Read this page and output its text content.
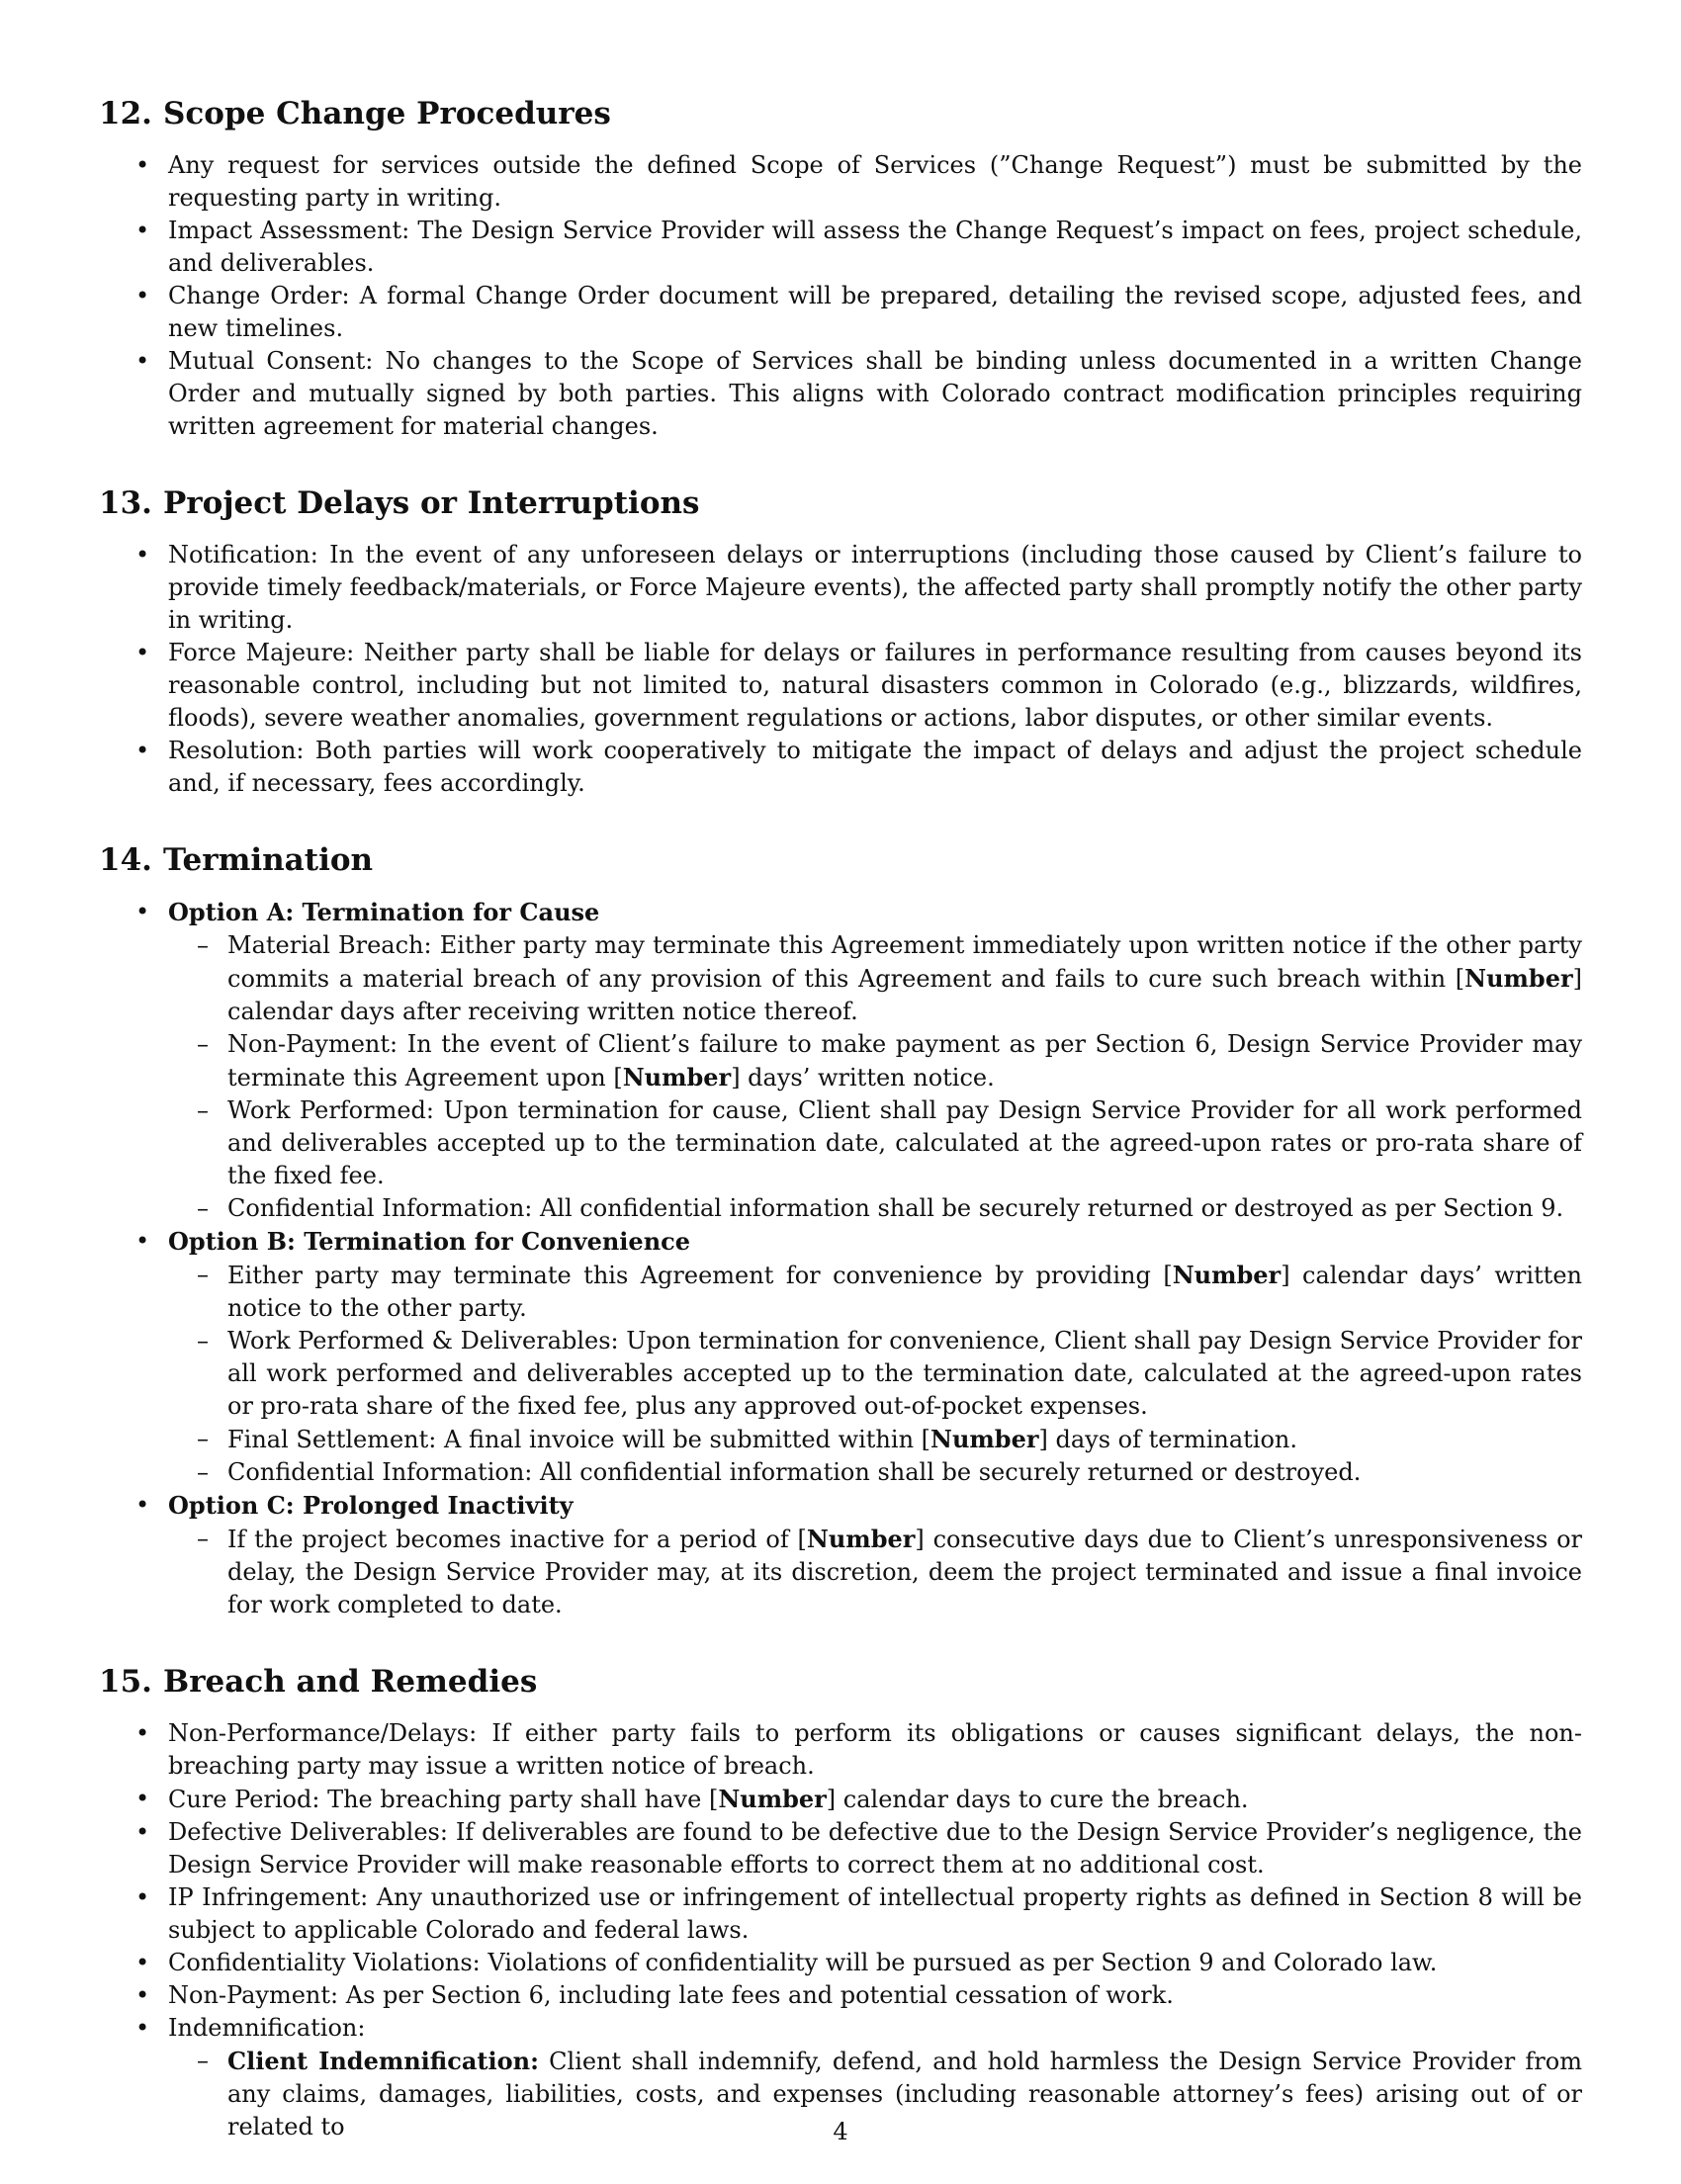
12. Scope Change Procedures
• Any request for services outside the defined Scope of Services (”Change Request”) must be submitted by the requesting party in writing.
• Impact Assessment: The Design Service Provider will assess the Change Request’s impact on fees, project schedule, and deliverables.
• Change Order: A formal Change Order document will be prepared, detailing the revised scope, adjusted fees, and new timelines.
• Mutual Consent: No changes to the Scope of Services shall be binding unless documented in a written Change Order and mutually signed by both parties. This aligns with Colorado contract modification principles requiring written agreement for material changes.
13. Project Delays or Interruptions
• Notification: In the event of any unforeseen delays or interruptions (including those caused by Client’s failure to provide timely feedback/materials, or Force Majeure events), the affected party shall promptly notify the other party in writing.
• Force Majeure: Neither party shall be liable for delays or failures in performance resulting from causes beyond its reasonable control, including but not limited to, natural disasters common in Colorado (e.g., blizzards, wildfires, floods), severe weather anomalies, government regulations or actions, labor disputes, or other similar events.
• Resolution: Both parties will work cooperatively to mitigate the impact of delays and adjust the project schedule and, if necessary, fees accordingly.
14. Termination
• Option A: Termination for Cause
– Material Breach: Either party may terminate this Agreement immediately upon written notice if the other party commits a material breach of any provision of this Agreement and fails to cure such breach within [Number] calendar days after receiving written notice thereof.
– Non-Payment: In the event of Client’s failure to make payment as per Section 6, Design Service Provider may terminate this Agreement upon [Number] days’ written notice.
– Work Performed: Upon termination for cause, Client shall pay Design Service Provider for all work performed and deliverables accepted up to the termination date, calculated at the agreed-upon rates or pro-rata share of the fixed fee.
– Confidential Information: All confidential information shall be securely returned or destroyed as per Section 9.
• Option B: Termination for Convenience
– Either party may terminate this Agreement for convenience by providing [Number] calendar days’ written notice to the other party.
– Work Performed & Deliverables: Upon termination for convenience, Client shall pay Design Service Provider for all work performed and deliverables accepted up to the termination date, calculated at the agreed-upon rates or pro-rata share of the fixed fee, plus any approved out-of-pocket expenses.
– Final Settlement: A final invoice will be submitted within [Number] days of termination.
– Confidential Information: All confidential information shall be securely returned or destroyed.
• Option C: Prolonged Inactivity
– If the project becomes inactive for a period of [Number] consecutive days due to Client’s unresponsiveness or delay, the Design Service Provider may, at its discretion, deem the project terminated and issue a final invoice for work completed to date.
15. Breach and Remedies
• Non-Performance/Delays: If either party fails to perform its obligations or causes significant delays, the non-breaching party may issue a written notice of breach.
• Cure Period: The breaching party shall have [Number] calendar days to cure the breach.
• Defective Deliverables: If deliverables are found to be defective due to the Design Service Provider’s negligence, the Design Service Provider will make reasonable efforts to correct them at no additional cost.
• IP Infringement: Any unauthorized use or infringement of intellectual property rights as defined in Section 8 will be subject to applicable Colorado and federal laws.
• Confidentiality Violations: Violations of confidentiality will be pursued as per Section 9 and Colorado law.
• Non-Payment: As per Section 6, including late fees and potential cessation of work.
• Indemnification:
– Client Indemnification: Client shall indemnify, defend, and hold harmless the Design Service Provider from any claims, damages, liabilities, costs, and expenses (including reasonable attorney’s fees) arising out of or related to	4
